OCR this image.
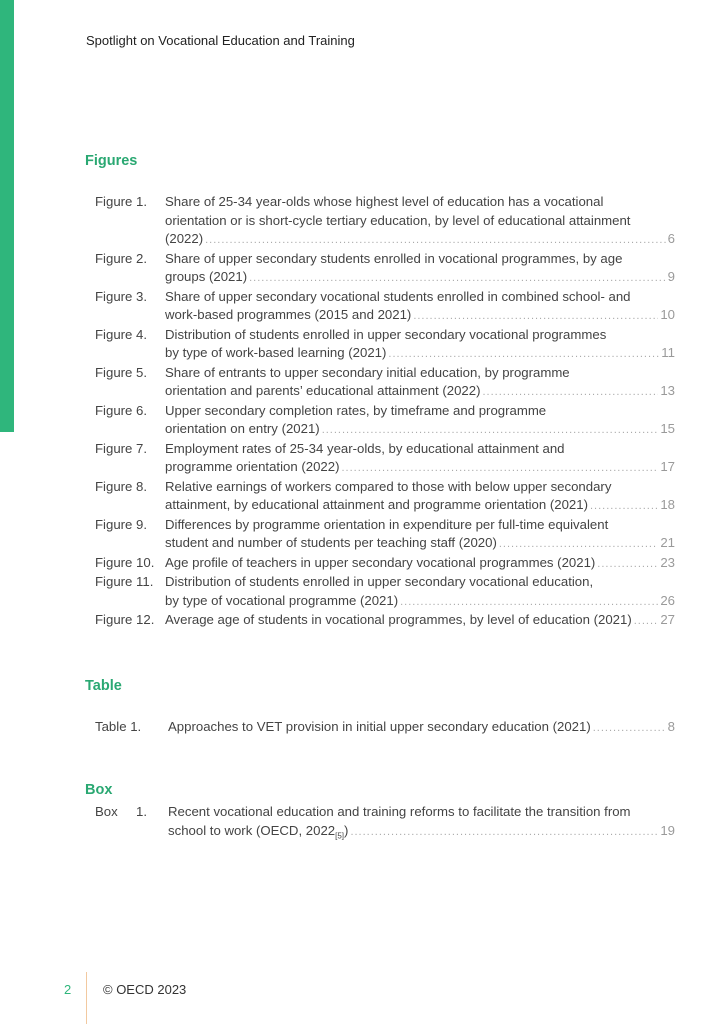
Spotlight on Vocational Education and Training
Figures
Figure 1. Share of 25-34 year-olds whose highest level of education has a vocational
orientation or is short-cycle tertiary education, by level of educational attainment
(2022) .....	6
Figure 2. Share of upper secondary students enrolled in vocational programmes, by age
groups (2021) .....	9
Figure 3. Share of upper secondary vocational students enrolled in combined school- and
work-based programmes (2015 and 2021) .....	10
Figure 4. Distribution of students enrolled in upper secondary vocational programmes
by type of work-based learning (2021) .....	11
Figure 5. Share of entrants to upper secondary initial education, by programme
orientation and parents’ educational attainment (2022) .....	13
Figure 6. Upper secondary completion rates, by timeframe and programme
orientation on entry (2021) .....	15
Figure 7. Employment rates of 25-34 year-olds, by educational attainment and
programme orientation (2022) .....	17
Figure 8. Relative earnings of workers compared to those with below upper secondary
attainment, by educational attainment and programme orientation (2021) .....	18
Figure 9. Differences by programme orientation in expenditure per full-time equivalent
student and number of students per teaching staff (2020) .....	21
Figure 10. Age profile of teachers in upper secondary vocational programmes (2021) .....	23
Figure 11. Distribution of students enrolled in upper secondary vocational education,
by type of vocational programme (2021) .....	26
Figure 12. Average age of students in vocational programmes, by level of education (2021) ..... 27
Table
Table 1. Approaches to VET provision in initial upper secondary education (2021) .....	8
Box
Box     1. Recent vocational education and training reforms to facilitate the transition from
school to work (OECD, $2022_{[5]}$) .....	19
2 © OECD 2023
